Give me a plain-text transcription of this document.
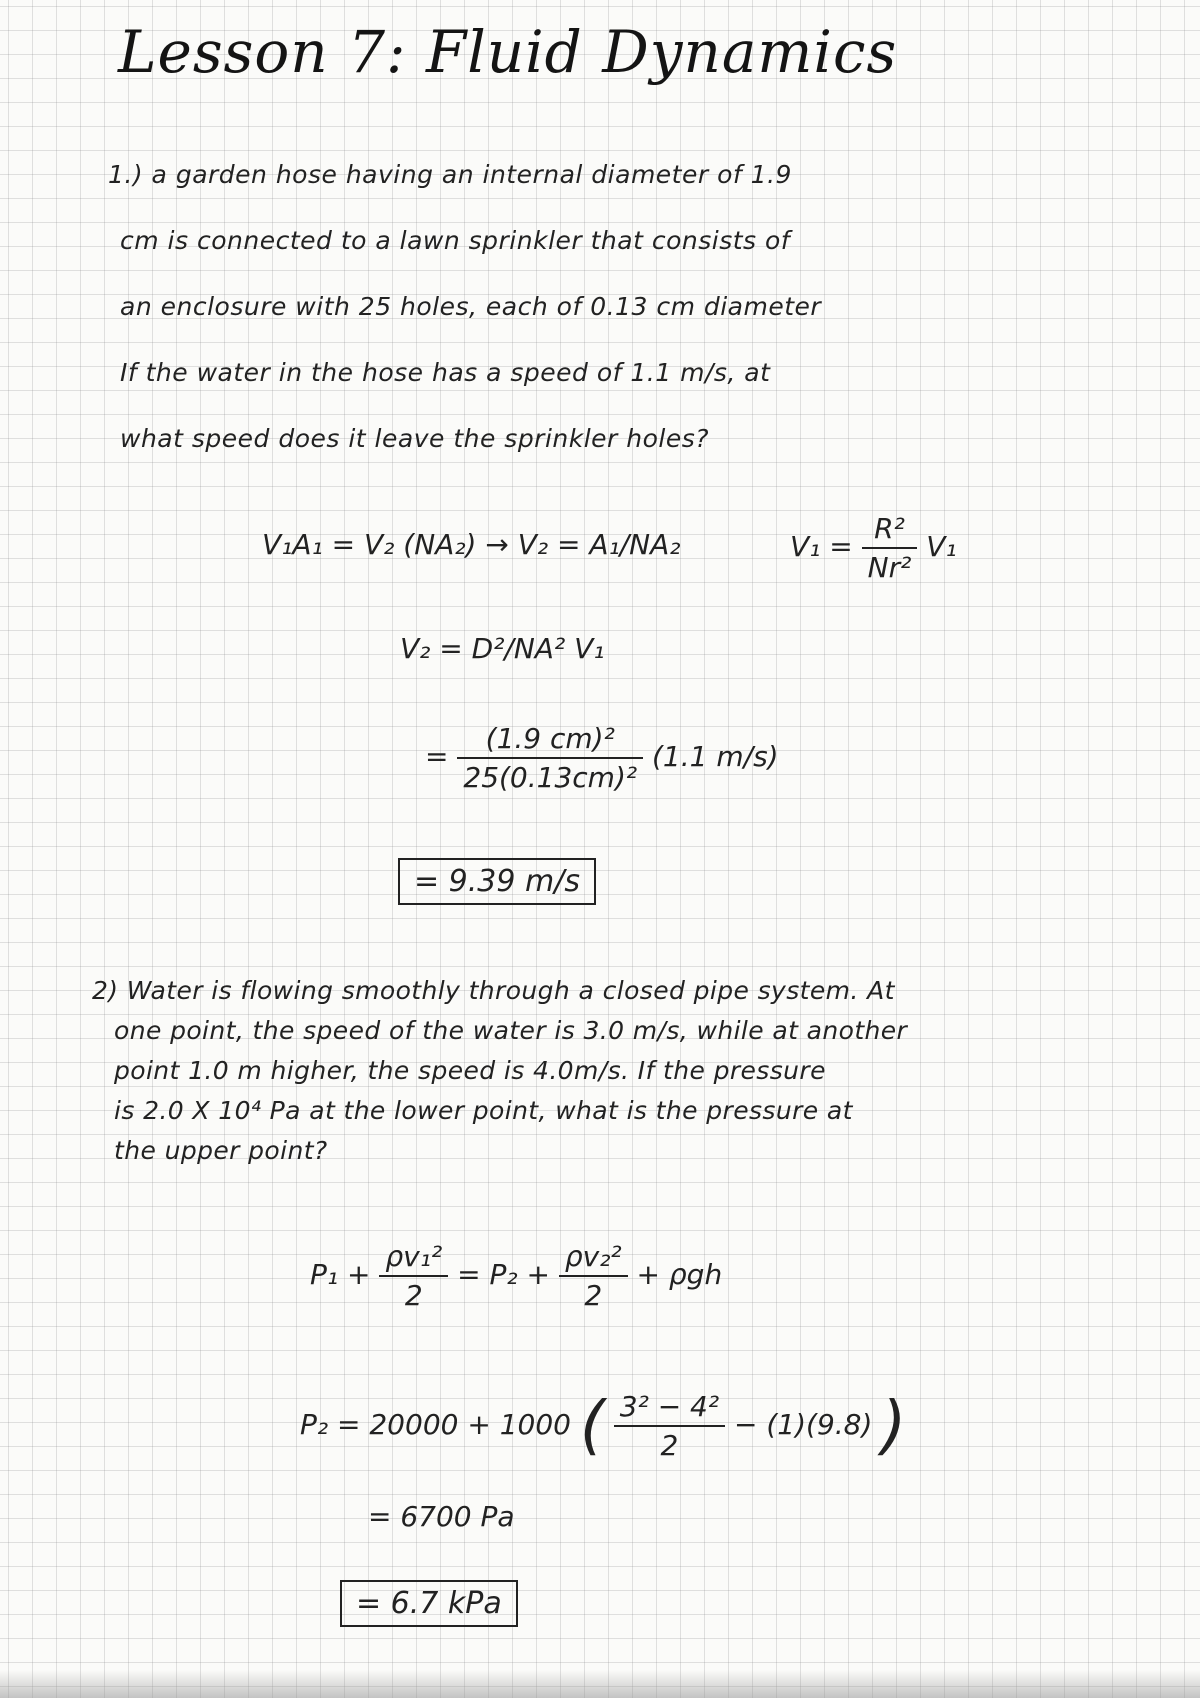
Lesson 7: Fluid Dynamics
1.) a garden hose having an internal diameter of 1.9
cm is connected to a lawn sprinkler that consists of
an enclosure with 25 holes, each of 0.13 cm diameter
If the water in the hose has a speed of 1.1 m/s, at
what speed does it leave the sprinkler holes?
V₁A₁ = V₂ (NA₂) → V₂ = A₁/NA₂	$V_1 = \frac{\text{R²}}{\text{Nr²}} V_1$
V₂ = D²/NA² V₁
= $\frac{\text{(1.9 cm)²}}{\text{25(0.13cm)²}} (1.1$ m/s)
= 9.39 m/s
2) Water is flowing smoothly through a closed pipe system. At
one point, the speed of the water is 3.0 m/s, while at another
point 1.0 m higher, the speed is 4.0m/s. If the pressure
is 2.0 X 10⁴ Pa at the lower point, what is the pressure at
the upper point?
$P_1 + \frac{\text{ρv₁²}}{2} = P_2 + \frac{\text{ρv₂²}}{2} + \rho gh$
P₂ = 20000 + 1000 ( $\frac{\text{3² − 4²}}{2} - (1)(9.8)$ )
= 6700 Pa
= 6.7 kPa
